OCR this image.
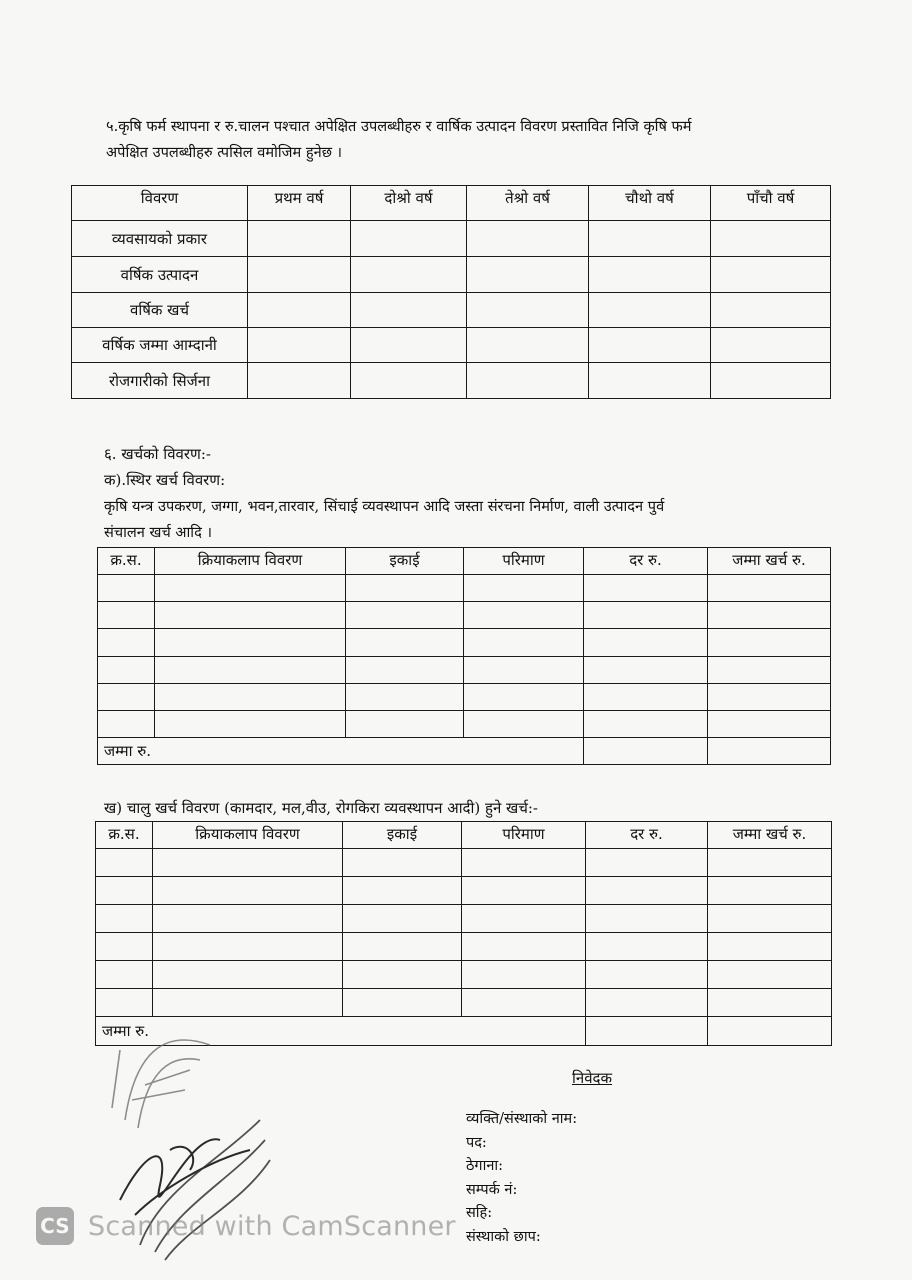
५.कृषि फर्म स्थापना र रु.चालन पश्चात अपेक्षित उपलब्धीहरु र वार्षिक उत्पादन विवरण प्रस्तावित निजि कृषि फर्म
अपेक्षित उपलब्धीहरु त्पसिल वमोजिम हुनेछ ।
विवरण	प्रथम वर्ष	दोश्रो वर्ष	तेश्रो वर्ष	चौथो वर्ष	पाँचौ वर्ष
व्यवसायको प्रकार					
वर्षिक उत्पादन					
वर्षिक खर्च					
वर्षिक जम्मा आम्दानी					
रोजगारीको सिर्जना					
६. खर्चको विवरण:-
क).स्थिर खर्च विवरण:
कृषि यन्त्र उपकरण, जग्गा, भवन,तारवार, सिंचाई व्यवस्थापन आदि जस्ता संरचना निर्माण, वाली उत्पादन पुर्व
संचालन खर्च आदि ।
क्र.स.	क्रियाकलाप विवरण	इकाई	परिमाण	दर रु.	जम्मा खर्च रु.

जम्मा रु.					
ख) चालु खर्च विवरण (कामदार, मल,वीउ, रोगकिरा व्यवस्थापन आदी) हुने खर्च:-
क्र.स.	क्रियाकलाप विवरण	इकाई	परिमाण	दर रु.	जम्मा खर्च रु.

जम्मा रु.					
निवेदक
व्यक्ति/संस्थाको नाम:
पद:
ठेगाना:
सम्पर्क नं:
सहि:
संस्थाको छाप:
CS Scanned with CamScanner
